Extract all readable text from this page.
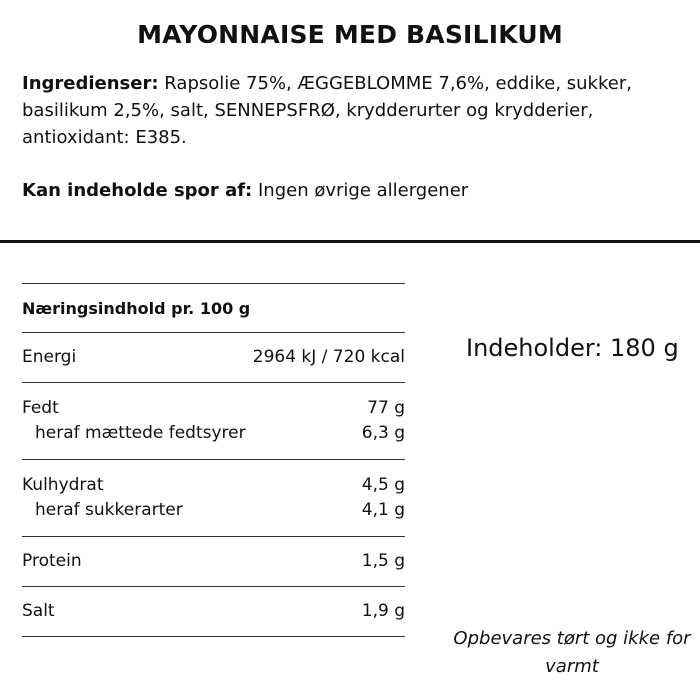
MAYONNAISE MED BASILIKUM
Ingredienser: Rapsolie 75%, ÆGGEBLOMME 7,6%, eddike, sukker, basilikum 2,5%, salt, SENNEPSFRØ, krydderurter og krydderier, antioxidant: E385.
Kan indeholde spor af: Ingen øvrige allergener
Næringsindhold pr. 100 g
Energi	2964 kJ / 720 kcal
Fedt	77 g
heraf mættede fedtsyrer	6,3 g
Kulhydrat	4,5 g
heraf sukkerarter	4,1 g
Protein	1,5 g
Salt	1,9 g
Indeholder: 180 g
Opbevares tørt og ikke for varmt
